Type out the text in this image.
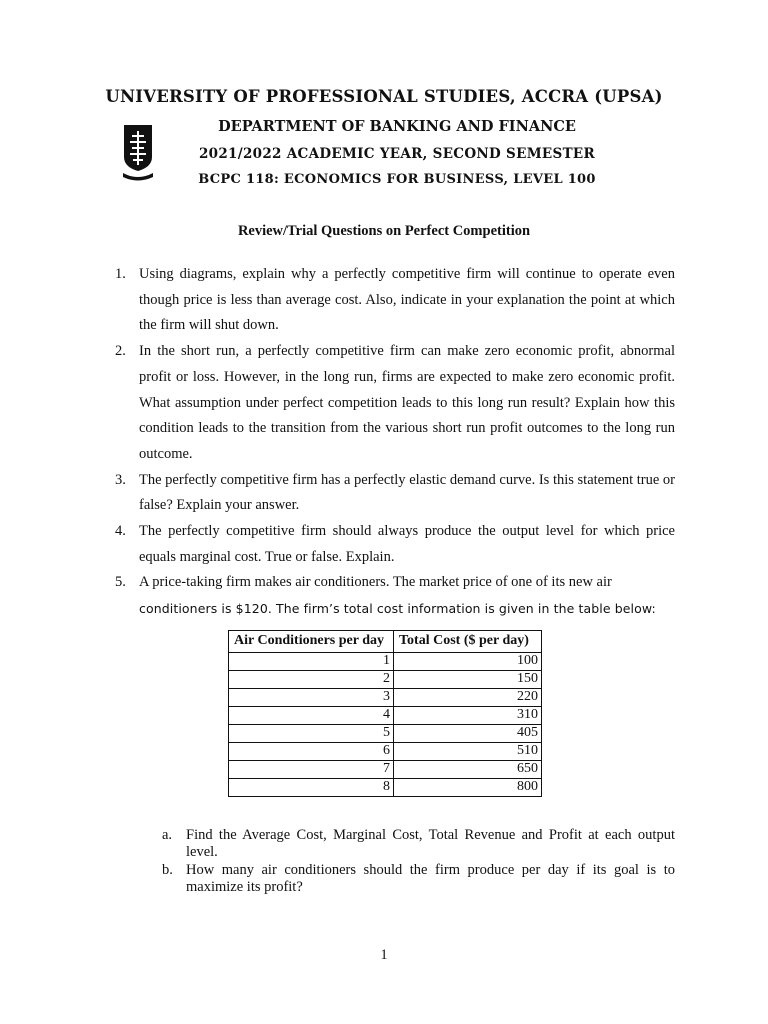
UNIVERSITY OF PROFESSIONAL STUDIES, ACCRA (UPSA)
DEPARTMENT OF BANKING AND FINANCE
2021/2022 ACADEMIC YEAR, SECOND SEMESTER
BCPC 118: ECONOMICS FOR BUSINESS, LEVEL 100
Review/Trial Questions on Perfect Competition
1. Using diagrams, explain why a perfectly competitive firm will continue to operate even though price is less than average cost. Also, indicate in your explanation the point at which the firm will shut down.
2. In the short run, a perfectly competitive firm can make zero economic profit, abnormal profit or loss. However, in the long run, firms are expected to make zero economic profit. What assumption under perfect competition leads to this long run result? Explain how this condition leads to the transition from the various short run profit outcomes to the long run outcome.
3. The perfectly competitive firm has a perfectly elastic demand curve. Is this statement true or false? Explain your answer.
4. The perfectly competitive firm should always produce the output level for which price equals marginal cost. True or false. Explain.
5. A price-taking firm makes air conditioners. The market price of one of its new air
conditioners is $120. The firm’s total cost information is given in the table below:
Air Conditioners per day	Total Cost ($ per day)
1	100
2	150
3	220
4	310
5	405
6	510
7	650
8	800
a. Find the Average Cost, Marginal Cost, Total Revenue and Profit at each output level.
b. How many air conditioners should the firm produce per day if its goal is to maximize its profit?
1
